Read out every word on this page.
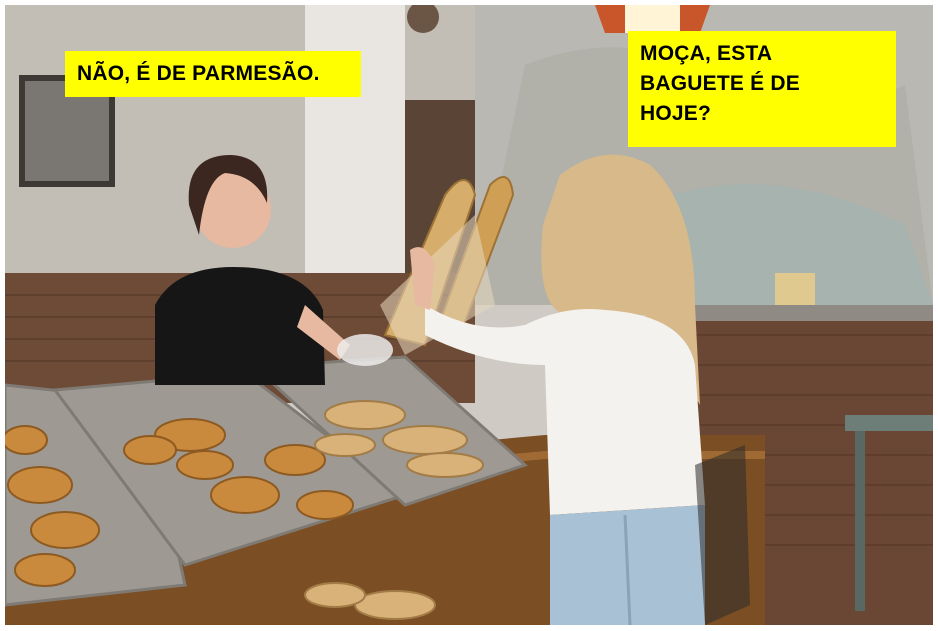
NÃO, É DE PARMESÃO.
MOÇA, ESTA
BAGUETE É DE
HOJE?
